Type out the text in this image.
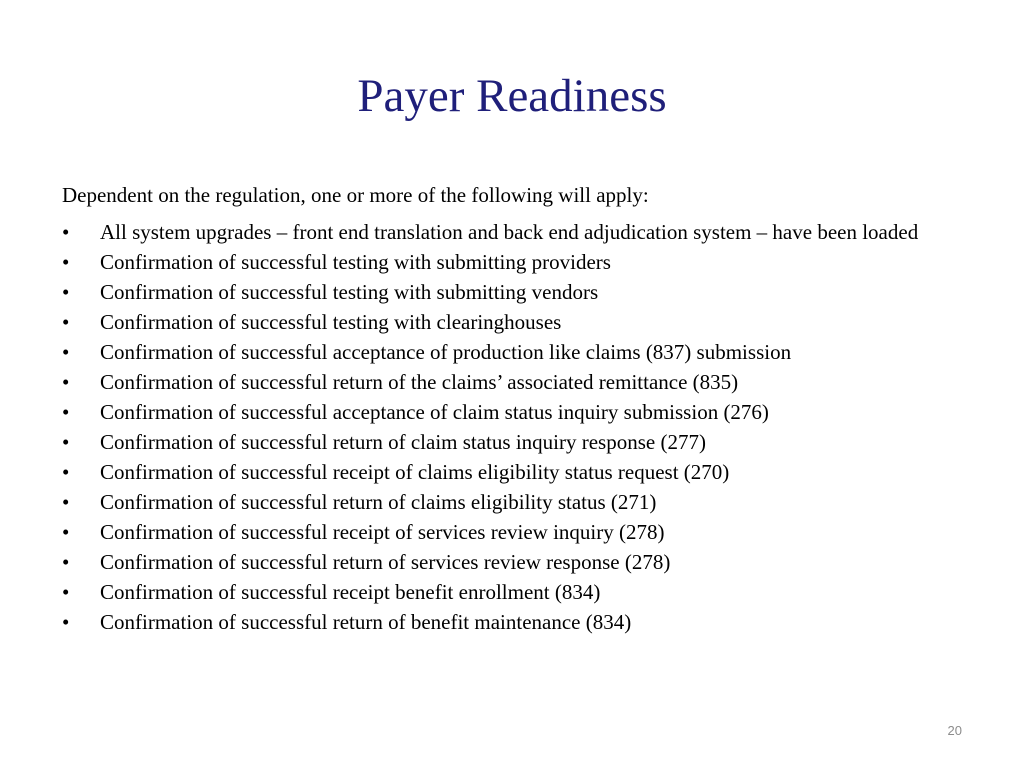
Payer Readiness
Dependent on the regulation, one or more of the following will apply:
• All system upgrades – front end translation and back end adjudication system – have been loaded
• Confirmation of successful testing with submitting providers
• Confirmation of successful testing with submitting vendors
• Confirmation of successful testing with clearinghouses
• Confirmation of successful acceptance of production like claims (837) submission
• Confirmation of successful return of the claims’ associated remittance (835)
• Confirmation of successful acceptance of claim status inquiry submission (276)
• Confirmation of successful return of claim status inquiry response (277)
• Confirmation of successful receipt of claims eligibility status request (270)
• Confirmation of successful return of claims eligibility status (271)
• Confirmation of successful receipt of services review inquiry (278)
• Confirmation of successful return of services review response (278)
• Confirmation of successful receipt benefit enrollment (834)
• Confirmation of successful return of benefit maintenance (834)
20
